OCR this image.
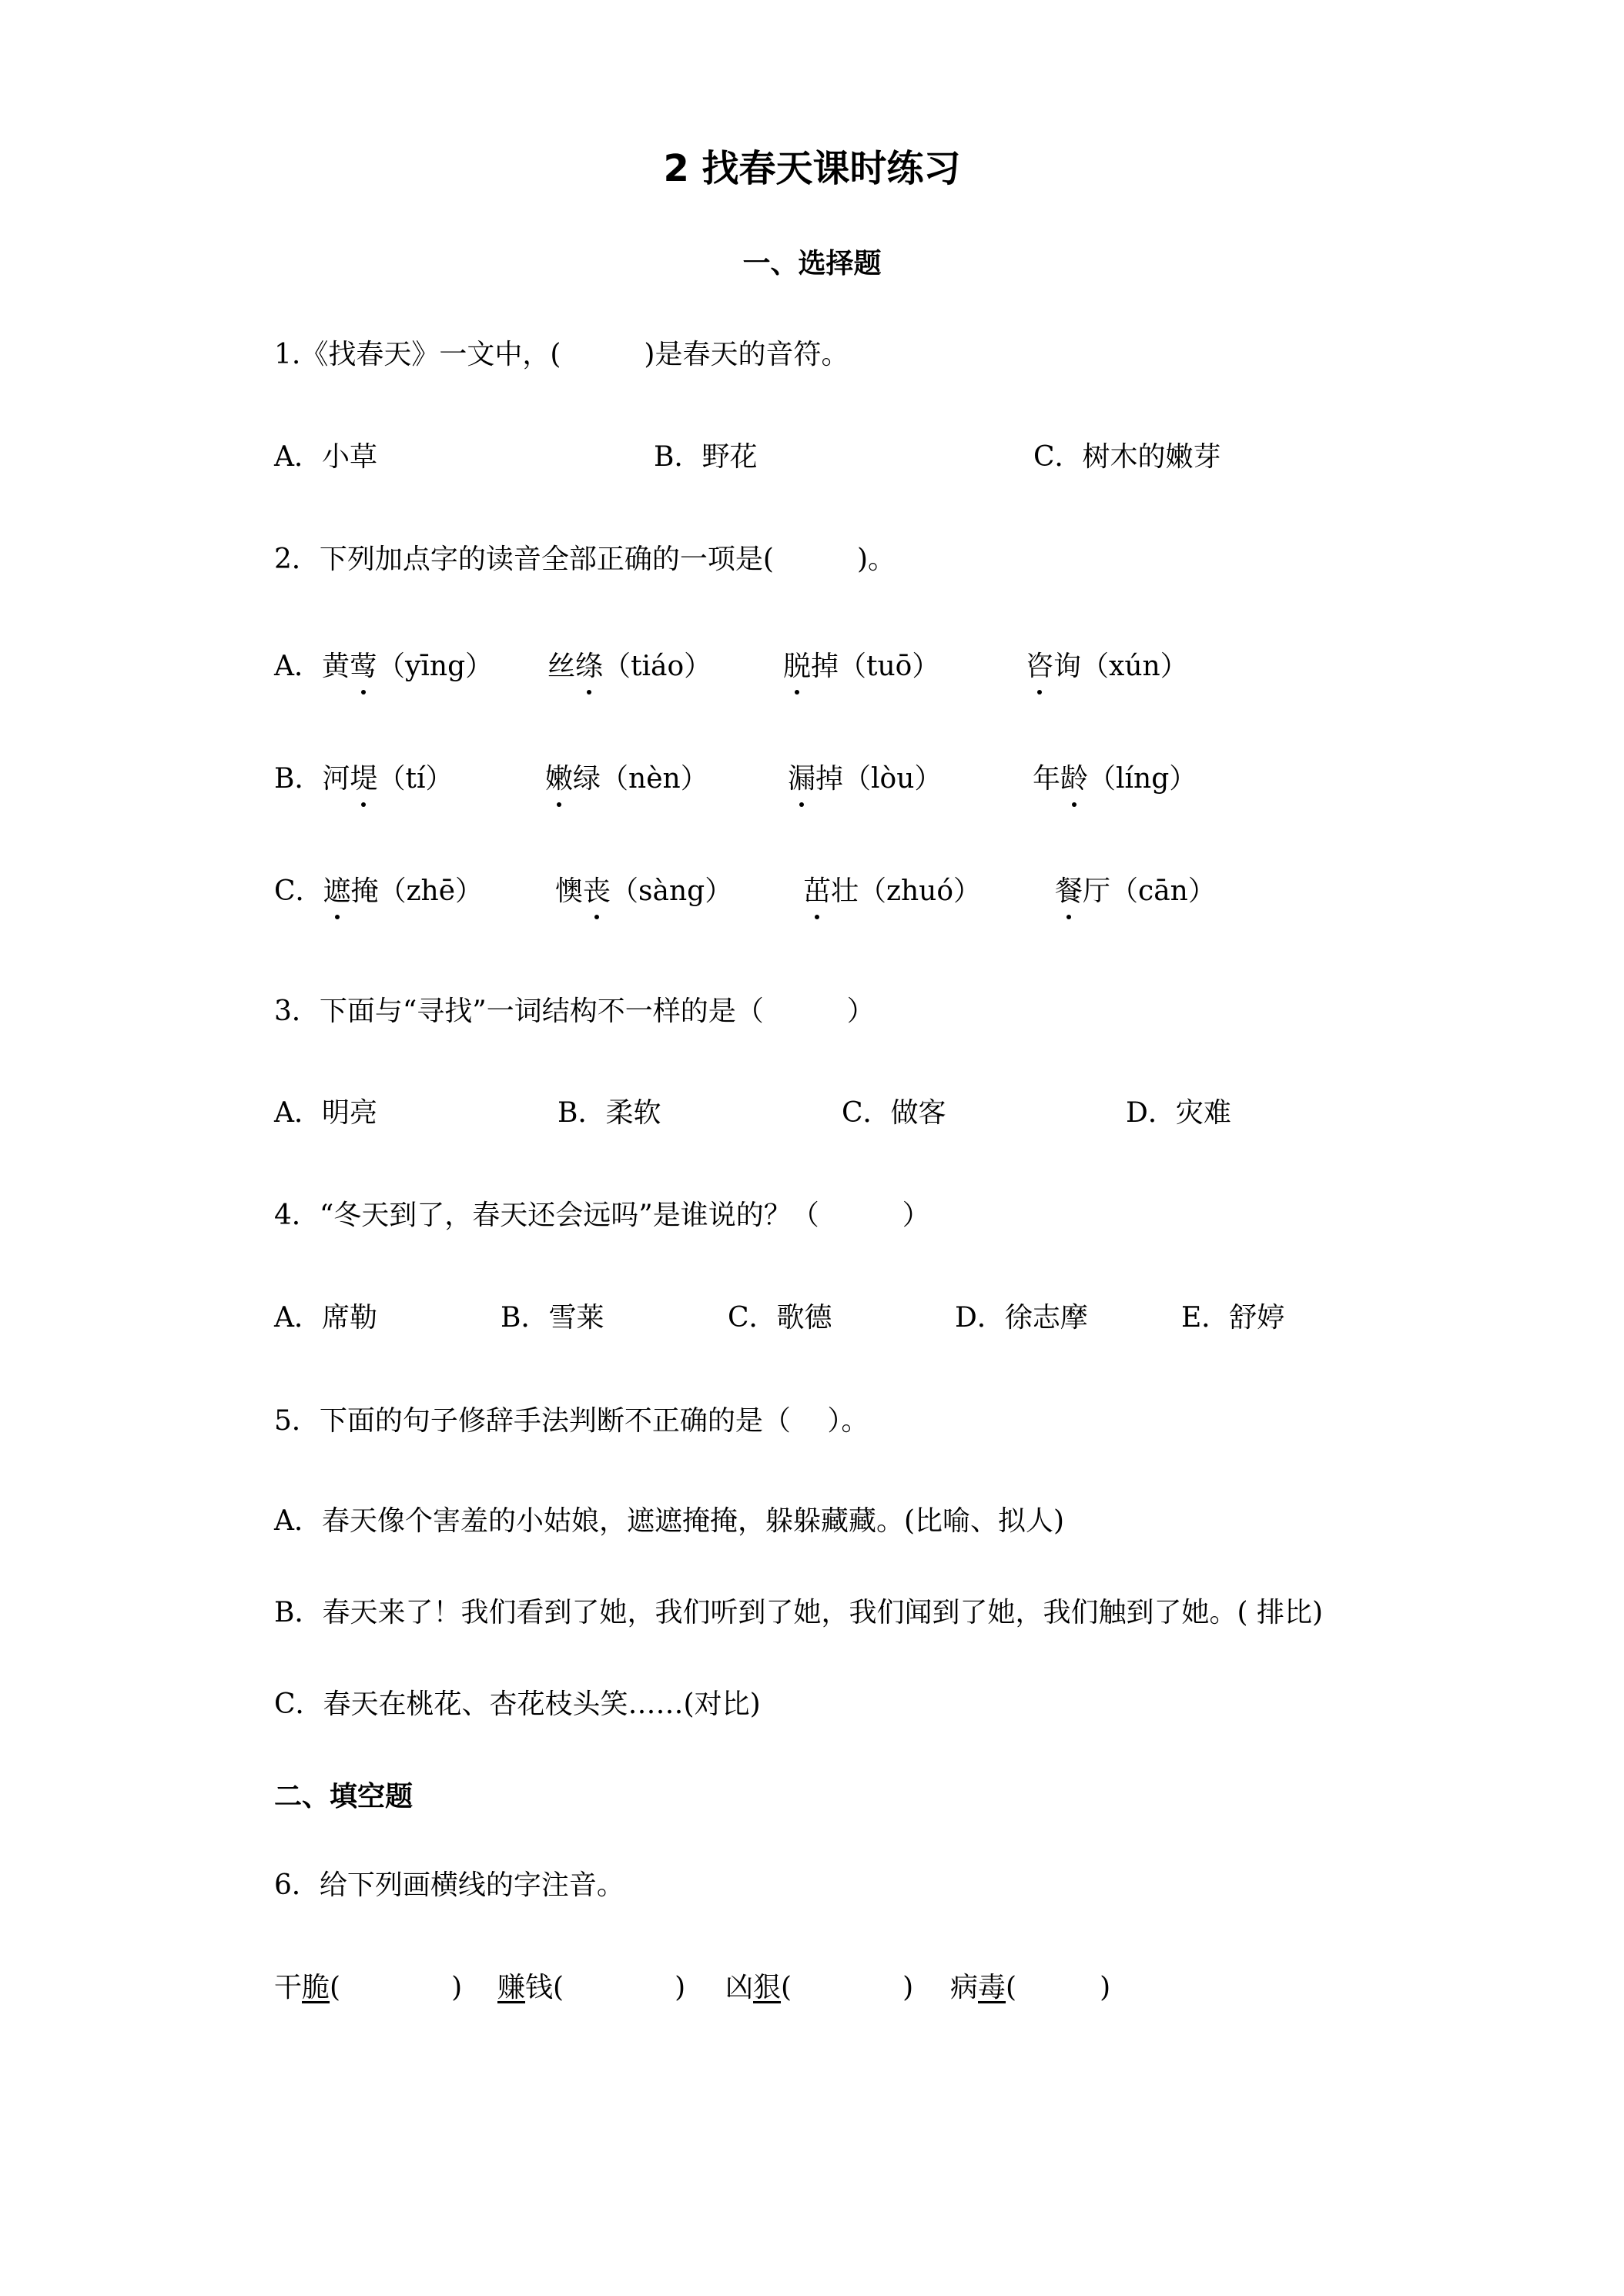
2 找春天课时练习
一、选择题
1.《找春天》一文中，(　　　)是春天的音符。
A．小草	B．野花	C．树木的嫩芽
2．下列加点字的读音全部正确的一项是(　　　)。
A．黄莺（yīng） 丝绦（tiáo）	脱掉（tuō）	咨询（xún）
B．河堤（tí）	嫩绿（nèn）	漏掉（lòu）	年龄（líng）
C．遮掩（zhē）	懊丧（sàng）	茁壮（zhuó）	餐厅（cān）
3．下面与“寻找”一词结构不一样的是（　　　）
A．明亮	B．柔软	C．做客	D．灾难
4．“冬天到了，春天还会远吗”是谁说的？（　　　）
A．席勒	B．雪莱	C．歌德	D．徐志摩	E．舒婷
5．下面的句子修辞手法判断不正确的是（　 ）。
A．春天像个害羞的小姑娘，遮遮掩掩，躲躲藏藏。(比喻、拟人)
B．春天来了！我们看到了她，我们听到了她，我们闻到了她，我们触到了她。( 排比)
C．春天在桃花、杏花枝头笑……(对比)
二、填空题
6．给下列画横线的字注音。
干脆(　　　　) 赚钱(　　　　) 凶狠(　　　　) 病毒(　　　)
